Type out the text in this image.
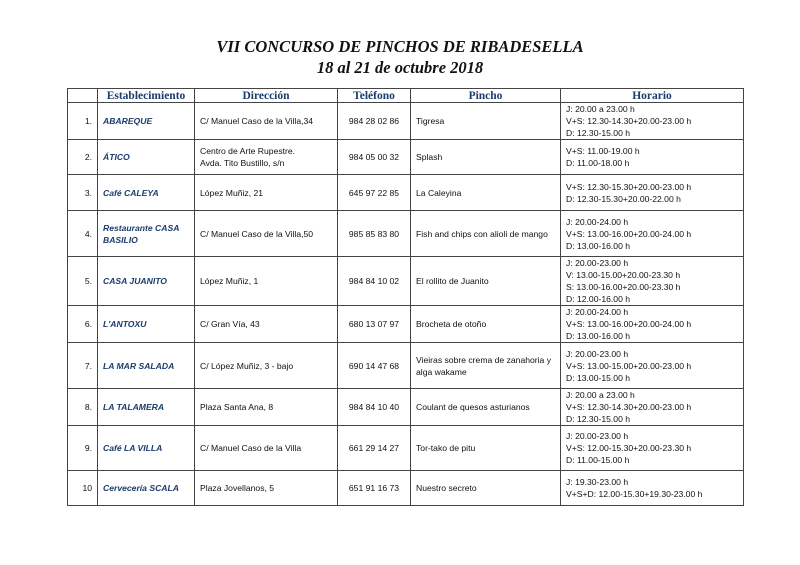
VII CONCURSO DE PINCHOS DE RIBADESELLA
18 al 21 de octubre 2018
	Establecimiento	Dirección	Teléfono	Pincho	Horario
1.	ABAREQUE	C/ Manuel Caso de la Villa,34	984 28 02 86	Tigresa	J: 20.00 a 23.00 h
V+S: 12.30-14.30+20.00-23.00 h
D: 12.30-15.00 h

2.	ÁTICO	Centro de Arte Rupestre.
Avda. Tito Bustillo, s/n	984 05 00 32	Splash	V+S: 11.00-19.00 h
D: 11.00-18.00 h

3.	Café CALEYA	López Muñiz, 21	645 97 22 85	La Caleyina	V+S: 12.30-15.30+20.00-23.00 h
D: 12.30-15.30+20.00-22.00 h

4.	Restaurante CASA
BASILIO	C/ Manuel Caso de la Villa,50	985 85 83 80	Fish and chips con alioli de mango	J: 20.00-24.00 h
V+S: 13.00-16.00+20.00-24.00 h
D: 13.00-16.00 h

5.	CASA JUANITO	López Muñiz, 1	984 84 10 02	El rollito de Juanito	J: 20.00-23.00 h
V: 13.00-15.00+20.00-23.30 h
S: 13.00-16.00+20.00-23.30 h
D: 12.00-16.00 h

6.	L'ANTOXU	C/ Gran Vía, 43	680 13 07 97	Brocheta de otoño	J: 20.00-24.00 h
V+S: 13.00-16.00+20.00-24.00 h
D: 13.00-16.00 h

7.	LA MAR SALADA	C/ López Muñiz, 3 - bajo	690 14 47 68	Vieiras sobre crema de zanahoria y
alga wakame	J: 20.00-23.00 h
V+S: 13.00-15.00+20.00-23.00 h
D: 13.00-15.00 h

8.	LA TALAMERA	Plaza Santa Ana, 8	984 84 10 40	Coulant de quesos asturianos	J: 20.00 a 23.00 h
V+S: 12.30-14.30+20.00-23.00 h
D: 12.30-15.00 h

9.	Café LA VILLA	C/ Manuel Caso de la Villa	661 29 14 27	Tor-tako de pitu	J: 20.00-23.00 h
V+S: 12.00-15.30+20.00-23.30 h
D: 11.00-15.00 h

10	Cervecería SCALA	Plaza Jovellanos, 5	651 91 16 73	Nuestro secreto	J: 19.30-23.00 h
V+S+D: 12.00-15.30+19.30-23.00 h
